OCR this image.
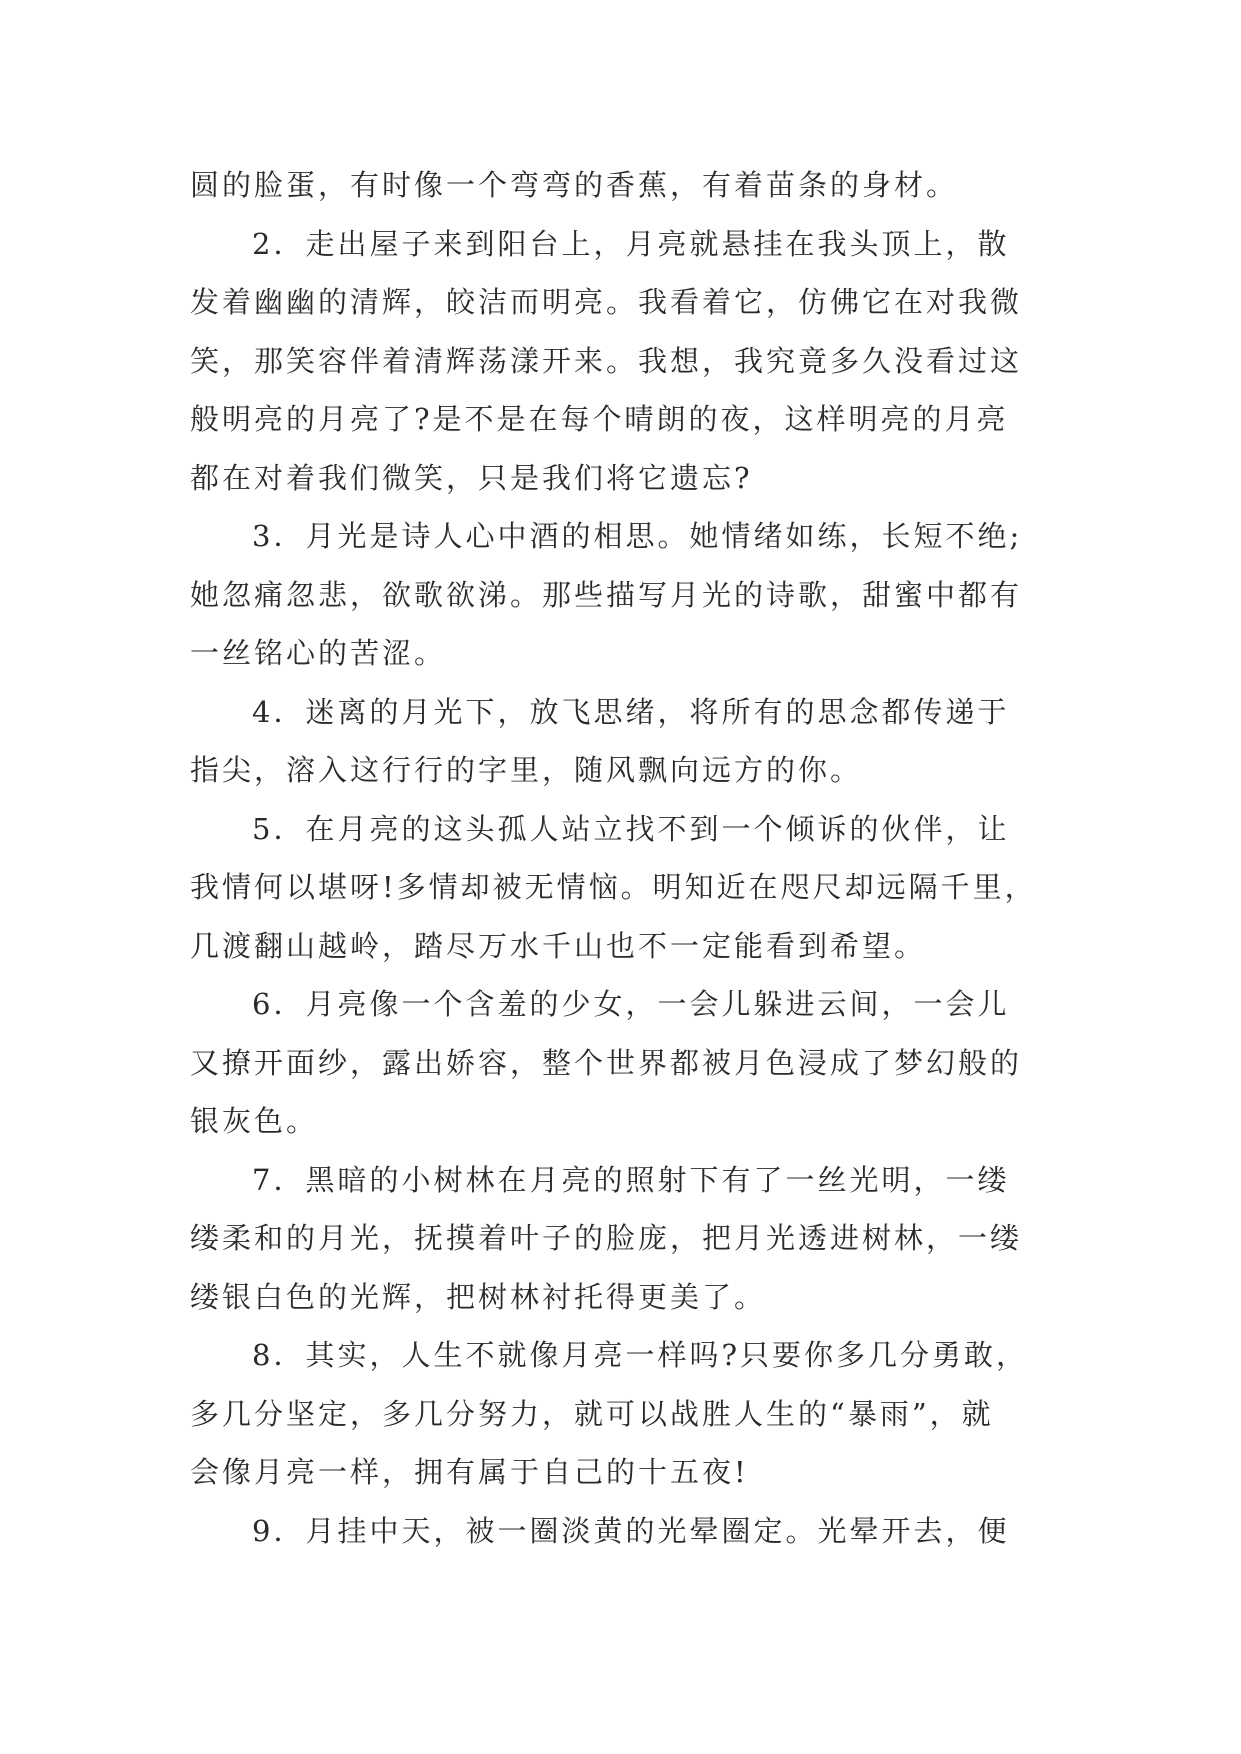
圆的脸蛋，有时像一个弯弯的香蕉，有着苗条的身材。
2．走出屋子来到阳台上，月亮就悬挂在我头顶上，散
发着幽幽的清辉，皎洁而明亮。我看着它，仿佛它在对我微
笑，那笑容伴着清辉荡漾开来。我想，我究竟多久没看过这
般明亮的月亮了?是不是在每个晴朗的夜，这样明亮的月亮
都在对着我们微笑，只是我们将它遗忘?
3．月光是诗人心中酒的相思。她情绪如练，长短不绝;
她忽痛忽悲，欲歌欲涕。那些描写月光的诗歌，甜蜜中都有
一丝铭心的苦涩。
4．迷离的月光下，放飞思绪，将所有的思念都传递于
指尖，溶入这行行的字里，随风飘向远方的你。
5．在月亮的这头孤人站立找不到一个倾诉的伙伴，让
我情何以堪呀!多情却被无情恼。明知近在咫尺却远隔千里，
几渡翻山越岭，踏尽万水千山也不一定能看到希望。
6．月亮像一个含羞的少女，一会儿躲进云间，一会儿
又撩开面纱，露出娇容，整个世界都被月色浸成了梦幻般的
银灰色。
7．黑暗的小树林在月亮的照射下有了一丝光明，一缕
缕柔和的月光，抚摸着叶子的脸庞，把月光透进树林，一缕
缕银白色的光辉，把树林衬托得更美了。
8．其实，人生不就像月亮一样吗?只要你多几分勇敢，
多几分坚定，多几分努力，就可以战胜人生的“暴雨”，就
会像月亮一样，拥有属于自己的十五夜!
9．月挂中天，被一圈淡黄的光晕圈定。光晕开去，便
